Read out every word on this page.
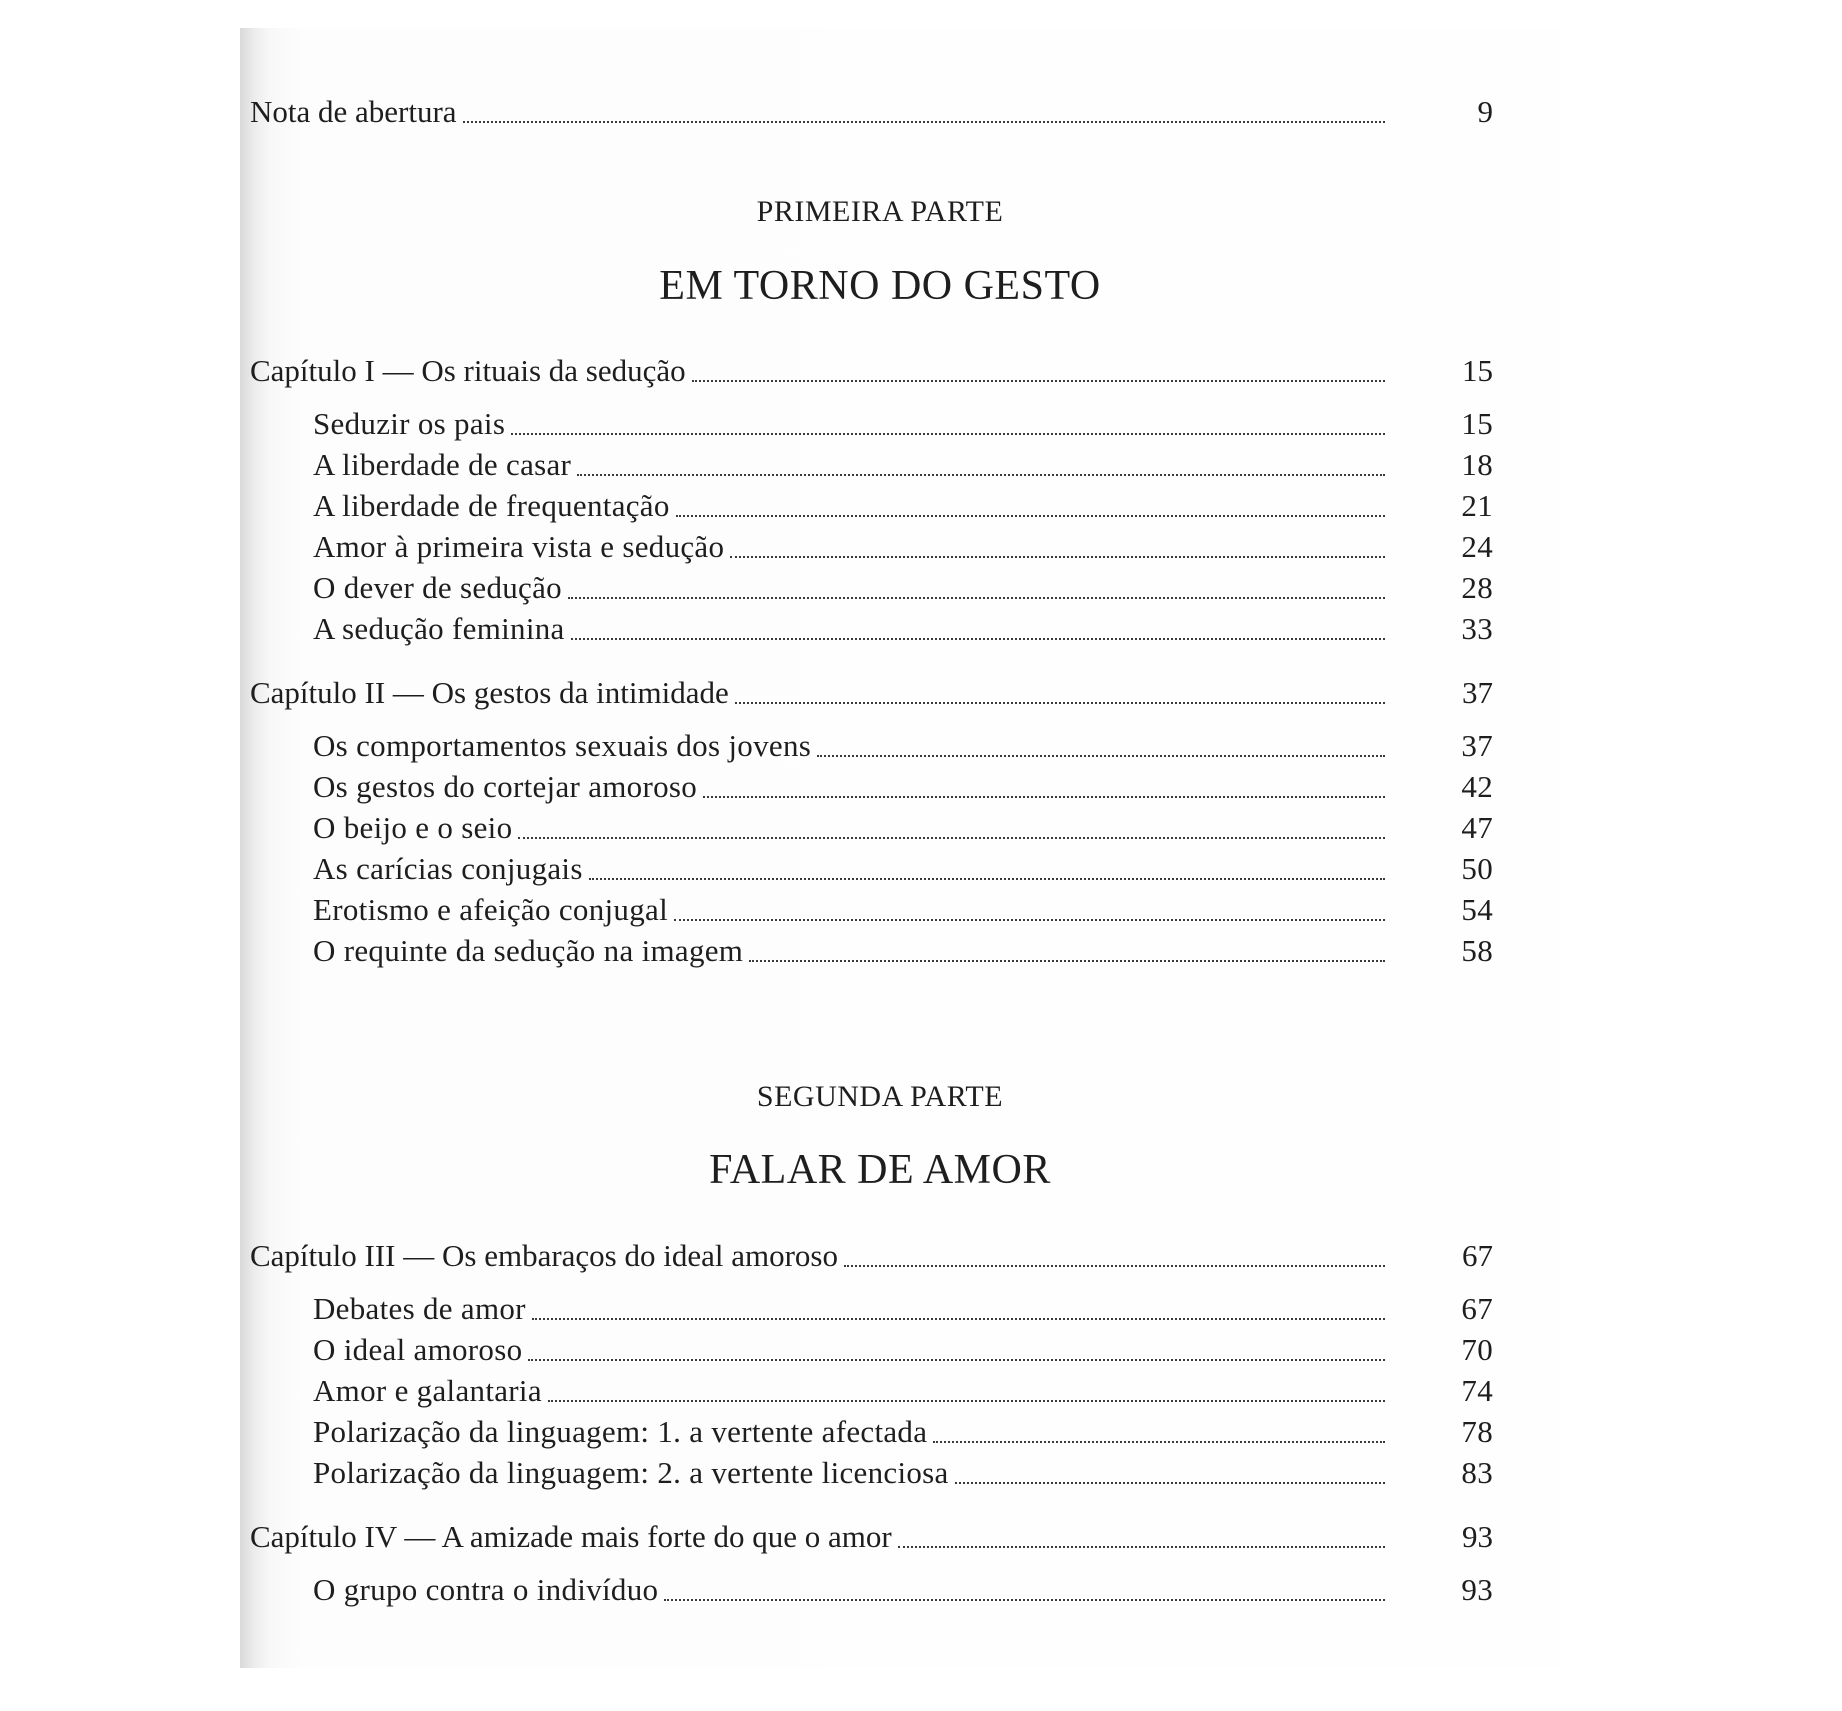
Nota de abertura	9
PRIMEIRA PARTE
EM TORNO DO GESTO
Capítulo I — Os rituais da sedução	15
Seduzir os pais	15
A liberdade de casar	18
A liberdade de frequentação	21
Amor à primeira vista e sedução	24
O dever de sedução	28
A sedução feminina	33
Capítulo II — Os gestos da intimidade	37
Os comportamentos sexuais dos jovens	37
Os gestos do cortejar amoroso	42
O beijo e o seio	47
As carícias conjugais	50
Erotismo e afeição conjugal	54
O requinte da sedução na imagem	58
SEGUNDA PARTE
FALAR DE AMOR
Capítulo III — Os embaraços do ideal amoroso	67
Debates de amor	67
O ideal amoroso	70
Amor e galantaria	74
Polarização da linguagem: 1. a vertente afectada	78
Polarização da linguagem: 2. a vertente licenciosa	83
Capítulo IV — A amizade mais forte do que o amor	93
O grupo contra o indivíduo	93
